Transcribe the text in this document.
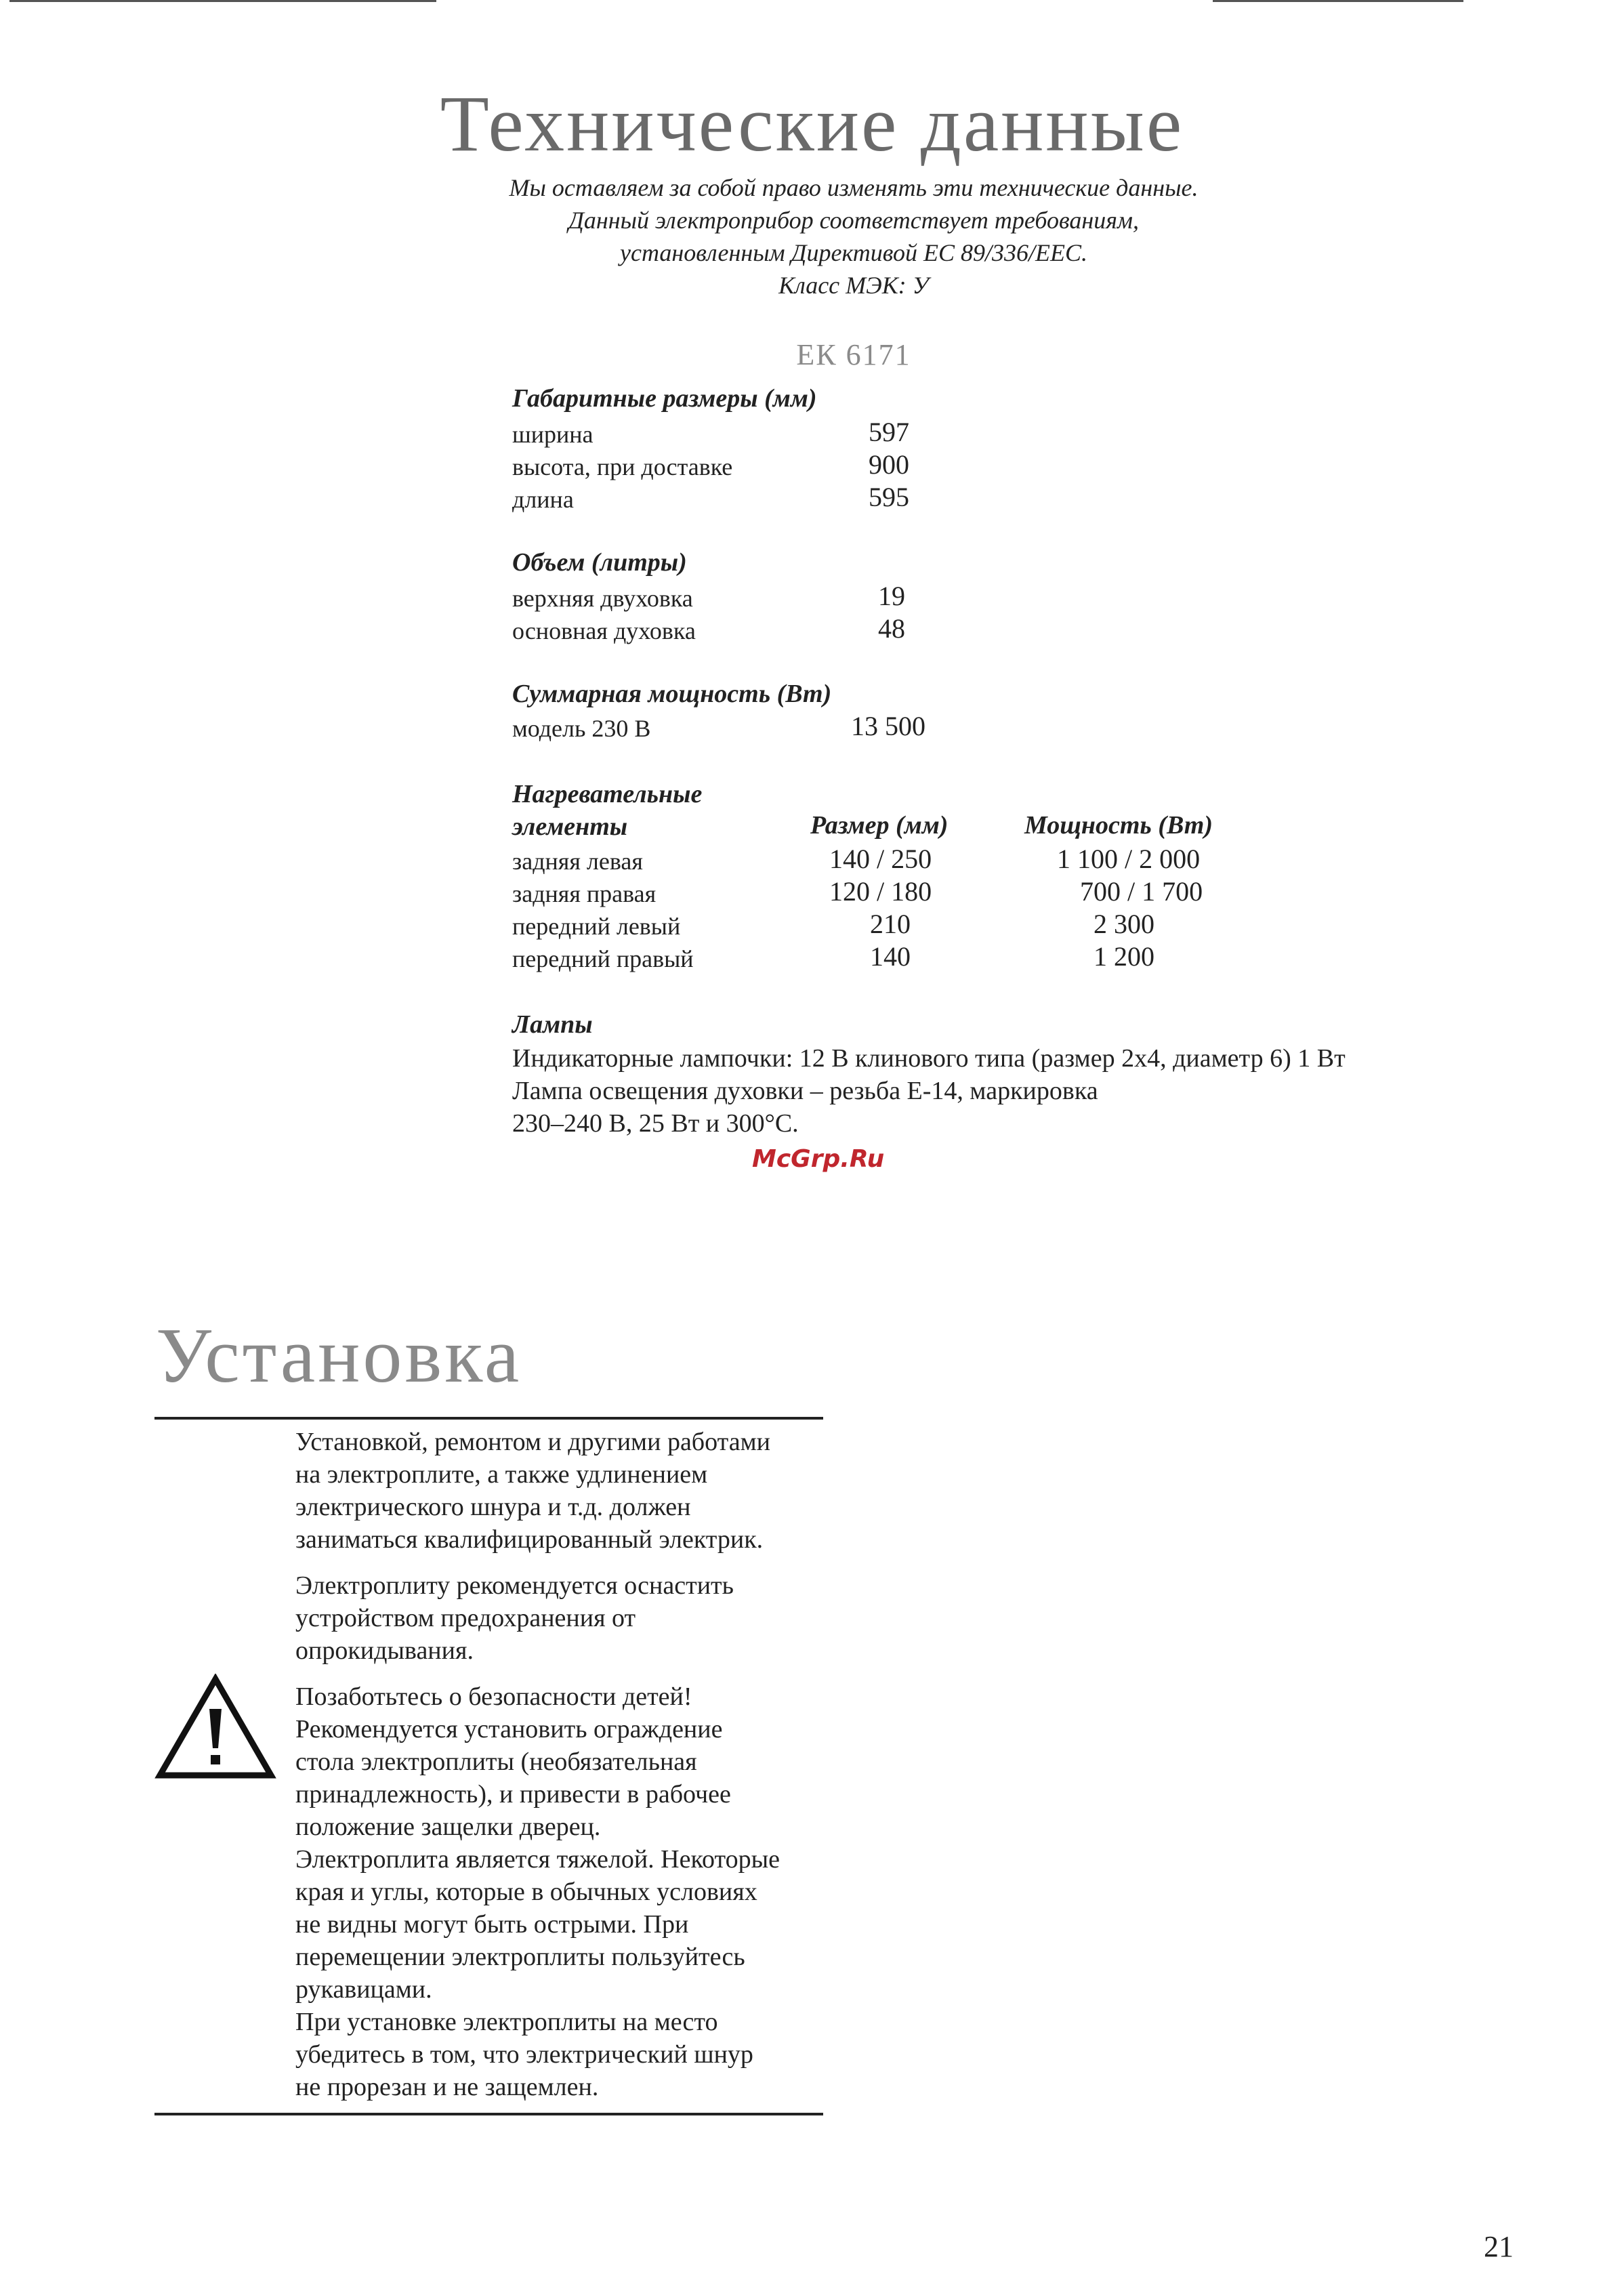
Технические данные
Мы оставляем за собой право изменять эти технические данные.
Данный электроприбор соответствует требованиям,
установленным Директивой ЕС 89/336/ЕЕС.
Класс МЭК: У
ЕК 6171
Габаритные размеры (мм)
ширина	597
высота, при доставке	900
длина	595
Объем (литры)
верхняя двуховка	19
основная духовка	48
Суммарная мощность (Вт)
модель 230 В	13 500
Нагревательные
элементы	Размер (мм)	Мощность (Вт)
задняя левая	140 / 250	1 100 / 2 000
задняя правая	120 / 180	700 / 1 700
передний левый	210	2 300
передний правый	140	1 200
Лампы
Индикаторные лампочки: 12 В клинового типа (размер 2x4, диаметр 6) 1 Вт
Лампа освещения духовки – резьба Е-14, маркировка
230–240 В, 25 Вт и 300°С.
McGrp.Ru
Установка
Установкой, ремонтом и другими работами
на электроплите, а также удлинением
электрического шнура и т.д. должен
заниматься квалифицированный электрик.
Электроплиту рекомендуется оснастить
устройством предохранения от
опрокидывания.
Позаботьтесь о безопасности детей!
Рекомендуется установить ограждение
стола электроплиты (необязательная
принадлежность), и привести в рабочее
положение защелки дверец.
Электроплита является тяжелой. Некоторые
края и углы, которые в обычных условиях
не видны могут быть острыми. При
перемещении электроплиты пользуйтесь
рукавицами.
При установке электроплиты на место
убедитесь в том, что электрический шнур
не прорезан и не защемлен.
21
